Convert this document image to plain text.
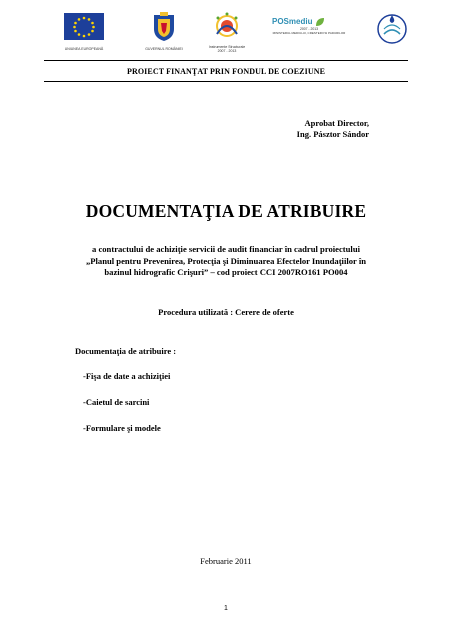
UNIUNEA EUROPEANĂ	GUVERNUL ROMÂNIEI	Instrumente Structurale
2007 - 2013
POSmediu
2007 - 2013
MINISTERUL MEDIULUI, CRESTERII SI PADURILOR
PROIECT FINANŢAT PRIN FONDUL DE COEZIUNE
Aprobat Director,
Ing. Pásztor Sándor
DOCUMENTAŢIA DE ATRIBUIRE
a contractului de achiziţie servicii de audit financiar în cadrul proiectului
„Planul pentru Prevenirea, Protecţia şi Diminuarea Efectelor Inundaţiilor în
bazinul hidrografic Crişuri” – cod proiect CCI 2007RO161 PO004
Procedura utilizată : Cerere de oferte
Documentaţia de atribuire :
-Fişa de date a achiziţiei
-Caietul de sarcini
-Formulare şi modele
Februarie 2011
1
